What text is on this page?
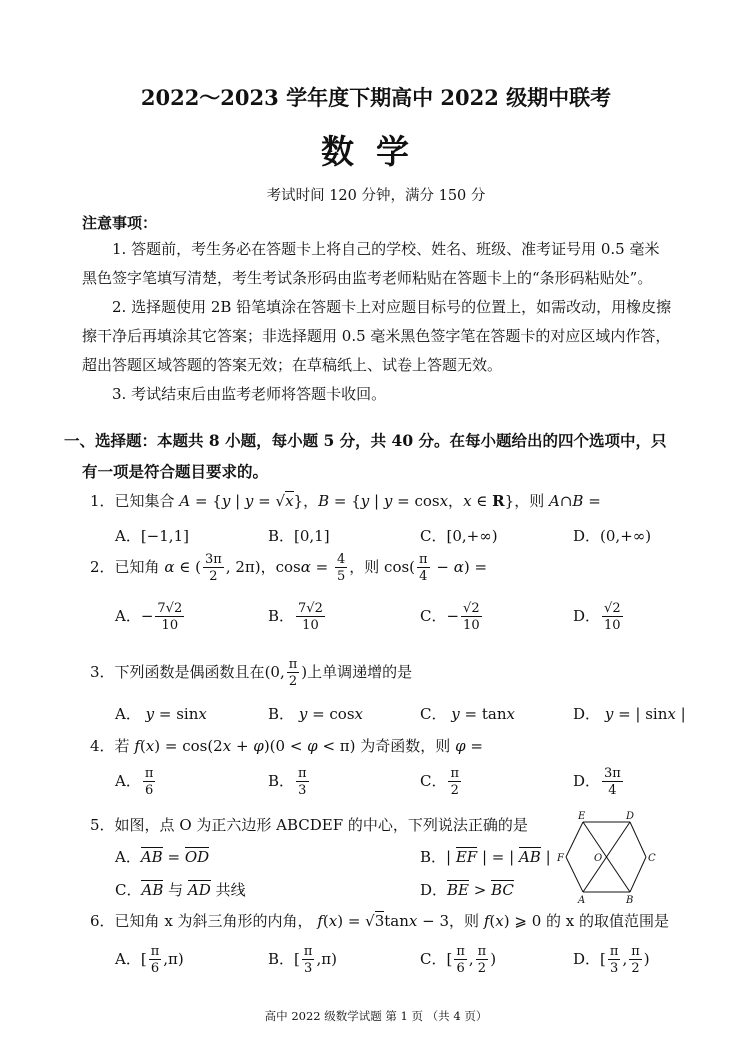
2022～2023 学年度下期高中 2022 级期中联考
数学
考试时间 120 分钟，满分 150 分
注意事项：
1. 答题前，考生务必在答题卡上将自己的学校、姓名、班级、准考证号用 0.5 毫米黑色签字笔填写清楚，考生考试条形码由监考老师粘贴在答题卡上的“条形码粘贴处”。
2. 选择题使用 2B 铅笔填涂在答题卡上对应题目标号的位置上，如需改动，用橡皮擦擦干净后再填涂其它答案；非选择题用 0.5 毫米黑色签字笔在答题卡的对应区域内作答，超出答题区域答题的答案无效；在草稿纸上、试卷上答题无效。
3. 考试结束后由监考老师将答题卡收回。
一、选择题：本题共 8 小题，每小题 5 分，共 40 分。在每小题给出的四个选项中，只有一项是符合题目要求的。
1．已知集合 A = {y | y = √x}，B = {y | y = cosx，x ∈ R}，则 A∩B =
A．[−1,1]	B．[0,1]	C．[0,+∞)	D．(0,+∞)
2．已知角 α ∈ ( $\frac{3\pi}{2}$ , 2π)，$\cos\alpha = \frac{4}{5}$ ，则 $\cos( \frac{\pi}{4} - \alpha)$ =
A．− $\frac{7√2}{10}$	B． $\frac{7√2}{10}$	C．− $\frac{√2}{10}$	D． $\frac{√2}{10}$
3．下列函数是偶函数且在(0, $\frac{\pi}{2}$ )上单调递增的是
A． y = sinx	B． y = cosx	C． y = tanx	D． y = | sinx |
4．若 f(x) = cos(2x + φ)(0 < φ < π) 为奇函数，则 φ =
A． $\frac{\pi}{6}$	B． $\frac{\pi}{3}$	C． $\frac{\pi}{2}$	D． $\frac{3\pi}{4}$
5．如图，点 O 为正六边形 ABCDEF 的中心，下列说法正确的是
A．AB = OD	B．| EF | = | AB |
C．AB 与 AD 共线	D．BE > BC
E	D
F	O	C
A	B
6．已知角 x 为斜三角形的内角， f(x) = √3tanx − 3，则 f(x) ⩾ 0 的 x 的取值范围是
A．[ $\frac{\pi}{6} ,\pi$)	B．[ $\frac{\pi}{3} ,\pi$)	C．[ $\frac{\pi}{6}$ , $\frac{\pi}{2}$ )	D．[ $\frac{\pi}{3}$ , $\frac{\pi}{2}$ )
高中 2022 级数学试题 第 1 页 （共 4 页）
